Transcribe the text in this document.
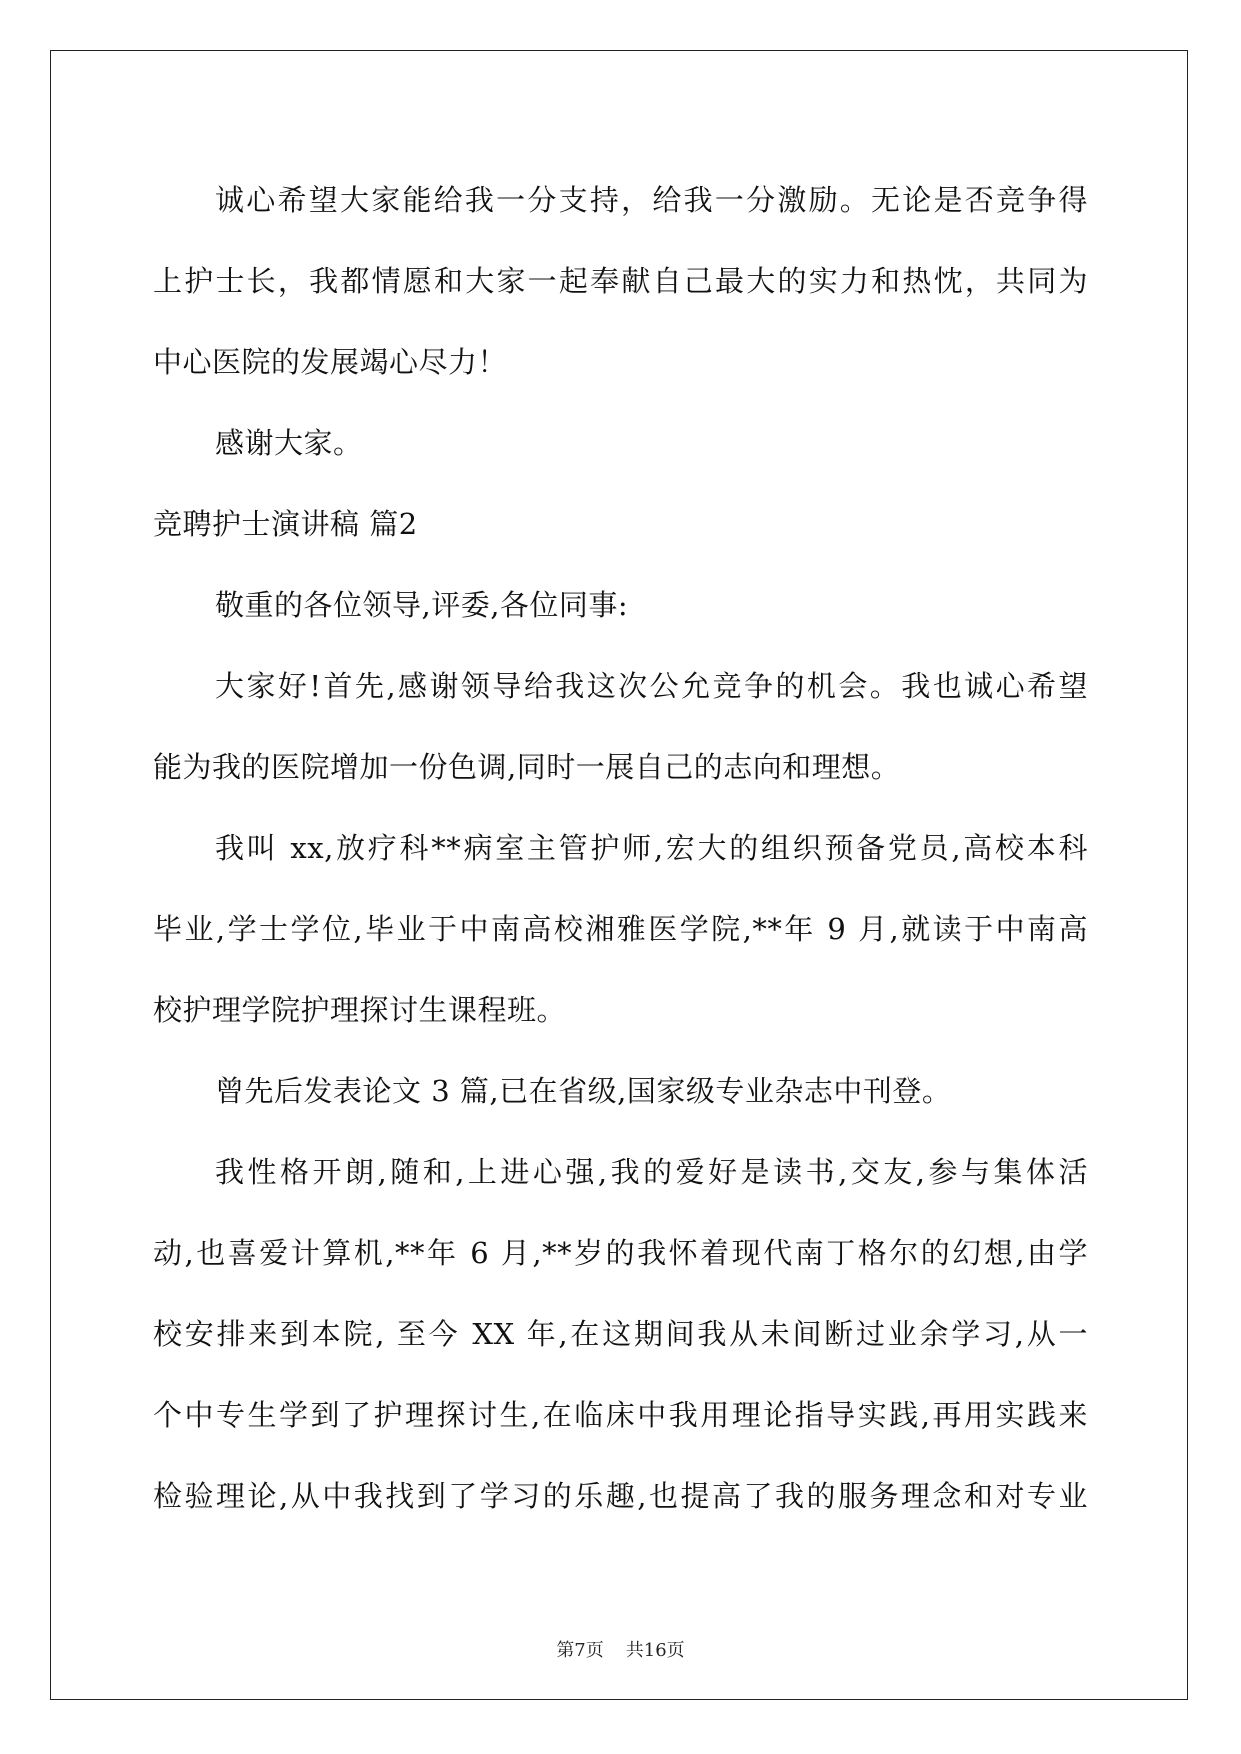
诚心希望大家能给我一分支持，给我一分激励。无论是否竞争得
上护士长，我都情愿和大家一起奉献自己最大的实力和热忱，共同为
中心医院的发展竭心尽力！
感谢大家。
竞聘护士演讲稿 篇2
敬重的各位领导,评委,各位同事:
大家好!首先,感谢领导给我这次公允竞争的机会。我也诚心希望
能为我的医院增加一份色调,同时一展自己的志向和理想。
我叫 xx,放疗科**病室主管护师,宏大的组织预备党员,高校本科
毕业,学士学位,毕业于中南高校湘雅医学院,**年 9 月,就读于中南高
校护理学院护理探讨生课程班。
曾先后发表论文 3 篇,已在省级,国家级专业杂志中刊登。
我性格开朗,随和,上进心强,我的爱好是读书,交友,参与集体活
动,也喜爱计算机,**年 6 月,**岁的我怀着现代南丁格尔的幻想,由学
校安排来到本院, 至今 XX 年,在这期间我从未间断过业余学习,从一
个中专生学到了护理探讨生,在临床中我用理论指导实践,再用实践来
检验理论,从中我找到了学习的乐趣,也提高了我的服务理念和对专业
第7页 共16页
